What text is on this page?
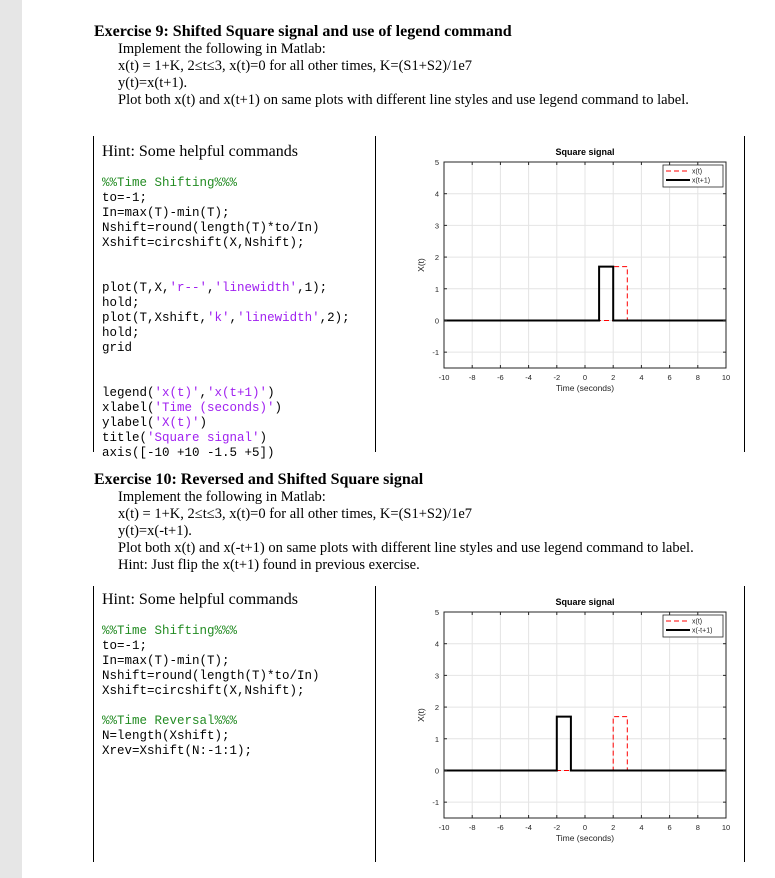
Exercise 9: Shifted Square signal and use of legend command
Implement the following in Matlab:
x(t) = 1+K, 2≤t≤3, x(t)=0 for all other times, K=(S1+S2)/1e7
y(t)=x(t+1).
Plot both x(t) and x(t+1) on same plots with different line styles and use legend command to label.
Hint: Some helpful commands
%%Time Shifting%%%
to=-1;
In=max(T)-min(T);
Nshift=round(length(T)*to/In)
Xshift=circshift(X,Nshift);

plot(T,X,'r--','linewidth',1);
hold;
plot(T,Xshift,'k','linewidth',2);
hold;
grid

legend('x(t)','x(t+1)')
xlabel('Time (seconds)')
ylabel('X(t)')
title('Square signal')
axis([-10 +10 -1.5 +5])
-10	-8	-6	-4	-2	0	2	4	6	8	10
-1
0
1
2
3
4
5
Square signal
Time (seconds)
X(t)
x(t)
x(t+1)
Exercise 10: Reversed and Shifted Square signal
Implement the following in Matlab:
x(t) = 1+K, 2≤t≤3, x(t)=0 for all other times, K=(S1+S2)/1e7
y(t)=x(-t+1).
Plot both x(t) and x(-t+1) on same plots with different line styles and use legend command to label.
Hint: Just flip the x(t+1) found in previous exercise.
Hint: Some helpful commands
%%Time Shifting%%%
to=-1;
In=max(T)-min(T);
Nshift=round(length(T)*to/In)
Xshift=circshift(X,Nshift);

%%Time Reversal%%%
N=length(Xshift);
Xrev=Xshift(N:-1:1);
-10	-8	-6	-4	-2	0	2	4	6	8	10
-1
0
1
2
3
4
5
Square signal
Time (seconds)
X(t)
x(t)
x(-t+1)
